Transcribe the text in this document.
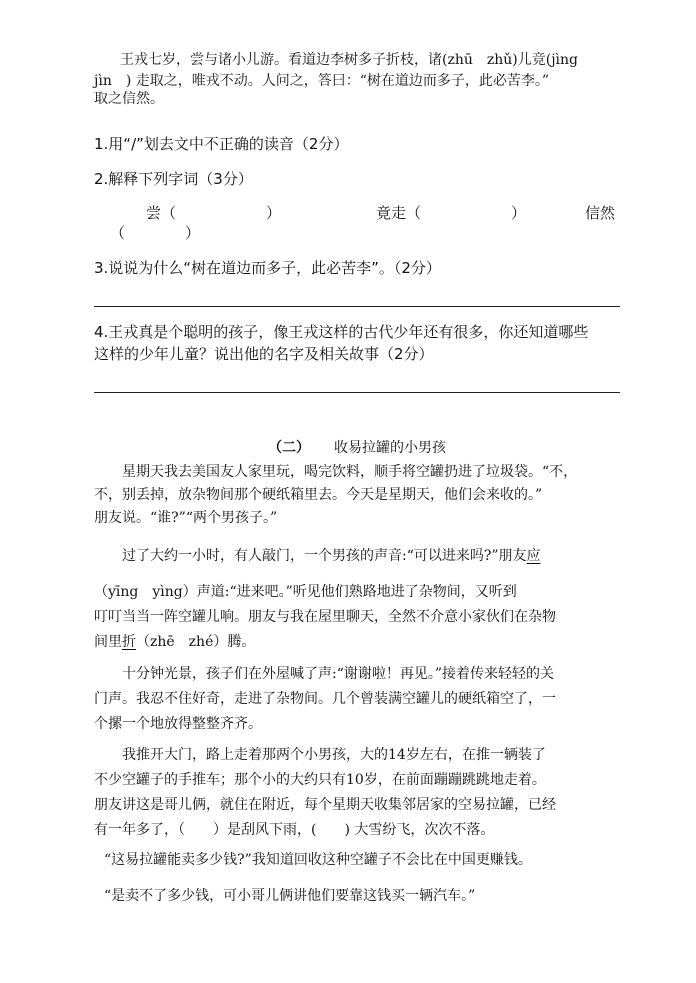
王戎七岁，尝与诸小儿游。看道边李树多子折枝，诸(zhū　zhǔ)儿竞(jìng

jìn　) 走取之，唯戎不动。人问之，答曰：“树在道边而多子，此必苦李。”

取之信然。

1.用“/”划去文中不正确的读音（2分）

2.解释下列字词（3分）

尝（　　　　　　）	竟走（　　　　　　）	信然
（　　　　）

3.说说为什么“树在道边而多子，此必苦李”。（2分）

4.王戎真是个聪明的孩子，像王戎这样的古代少年还有很多，你还知道哪些

这样的少年儿童？说出他的名字及相关故事（2分）

（二） 收易拉罐的小男孩

星期天我去美国友人家里玩，喝完饮料，顺手将空罐扔进了垃圾袋。“不，

不，别丢掉，放杂物间那个硬纸箱里去。今天是星期天，他们会来收的。”

朋友说。“谁?”“两个男孩子。”

过了大约一小时，有人敲门，一个男孩的声音:“可以进来吗?”朋友应

（yīng　yìng）声道:“进来吧。”听见他们熟路地进了杂物间，又听到

叮叮当当一阵空罐儿响。朋友与我在屋里聊天，全然不介意小家伙们在杂物

间里折（zhē　zhé）腾。

十分钟光景，孩子们在外屋喊了声:“谢谢啦！再见。”接着传来轻轻的关

门声。我忍不住好奇，走进了杂物间。几个曾装满空罐儿的硬纸箱空了，一

个摞一个地放得整整齐齐。

我推开大门，路上走着那两个小男孩，大的14岁左右，在推一辆装了

不少空罐子的手推车；那个小的大约只有10岁，在前面蹦蹦跳跳地走着。

朋友讲这是哥儿俩，就住在附近，每个星期天收集邻居家的空易拉罐，已经

有一年多了，（　　）是刮风下雨，(　　) 大雪纷飞，次次不落。

“这易拉罐能卖多少钱?”我知道回收这种空罐子不会比在中国更赚钱。

“是卖不了多少钱，可小哥儿俩讲他们要靠这钱买一辆汽车。”
